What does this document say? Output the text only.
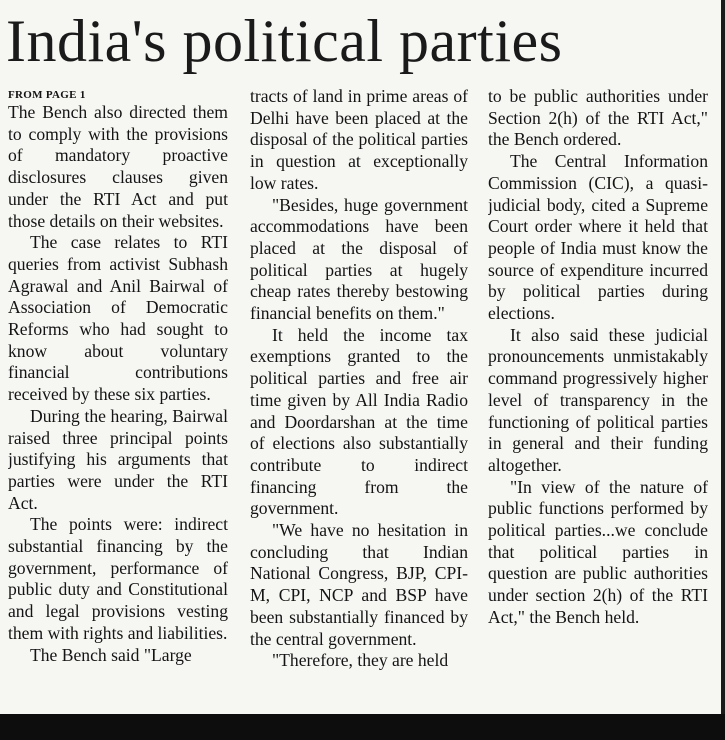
India's political parties
FROM PAGE 1

The Bench also directed them to comply with the provisions of mandatory proactive disclosures clauses given under the RTI Act and put those details on their websites.

The case relates to RTI queries from activist Subhash Agrawal and Anil Bairwal of Association of Democratic Reforms who had sought to know about voluntary financial contributions received by these six parties.

During the hearing, Bairwal raised three principal points justifying his arguments that parties were under the RTI Act.

The points were: indirect substantial financing by the government, performance of public duty and Constitutional and legal provisions vesting them with rights and liabilities.

The Bench said "Large

tracts of land in prime areas of Delhi have been placed at the disposal of the political parties in question at exceptionally low rates.

"Besides, huge government accommodations have been placed at the disposal of political parties at hugely cheap rates thereby bestowing financial benefits on them."

It held the income tax exemptions granted to the political parties and free air time given by All India Radio and Doordarshan at the time of elections also substantially contribute to indirect financing from the government.

"We have no hesitation in concluding that Indian National Congress, BJP, CPI-M, CPI, NCP and BSP have been substantially financed by the central government.

"Therefore, they are held

to be public authorities under Section 2(h) of the RTI Act," the Bench ordered.

The Central Information Commission (CIC), a quasi-judicial body, cited a Supreme Court order where it held that people of India must know the source of expenditure incurred by political parties during elections.

It also said these judicial pronouncements unmistakably command progressively higher level of transparency in the functioning of political parties in general and their funding altogether.

"In view of the nature of public functions performed by political parties...we conclude that political parties in question are public authorities under section 2(h) of the RTI Act," the Bench held.
